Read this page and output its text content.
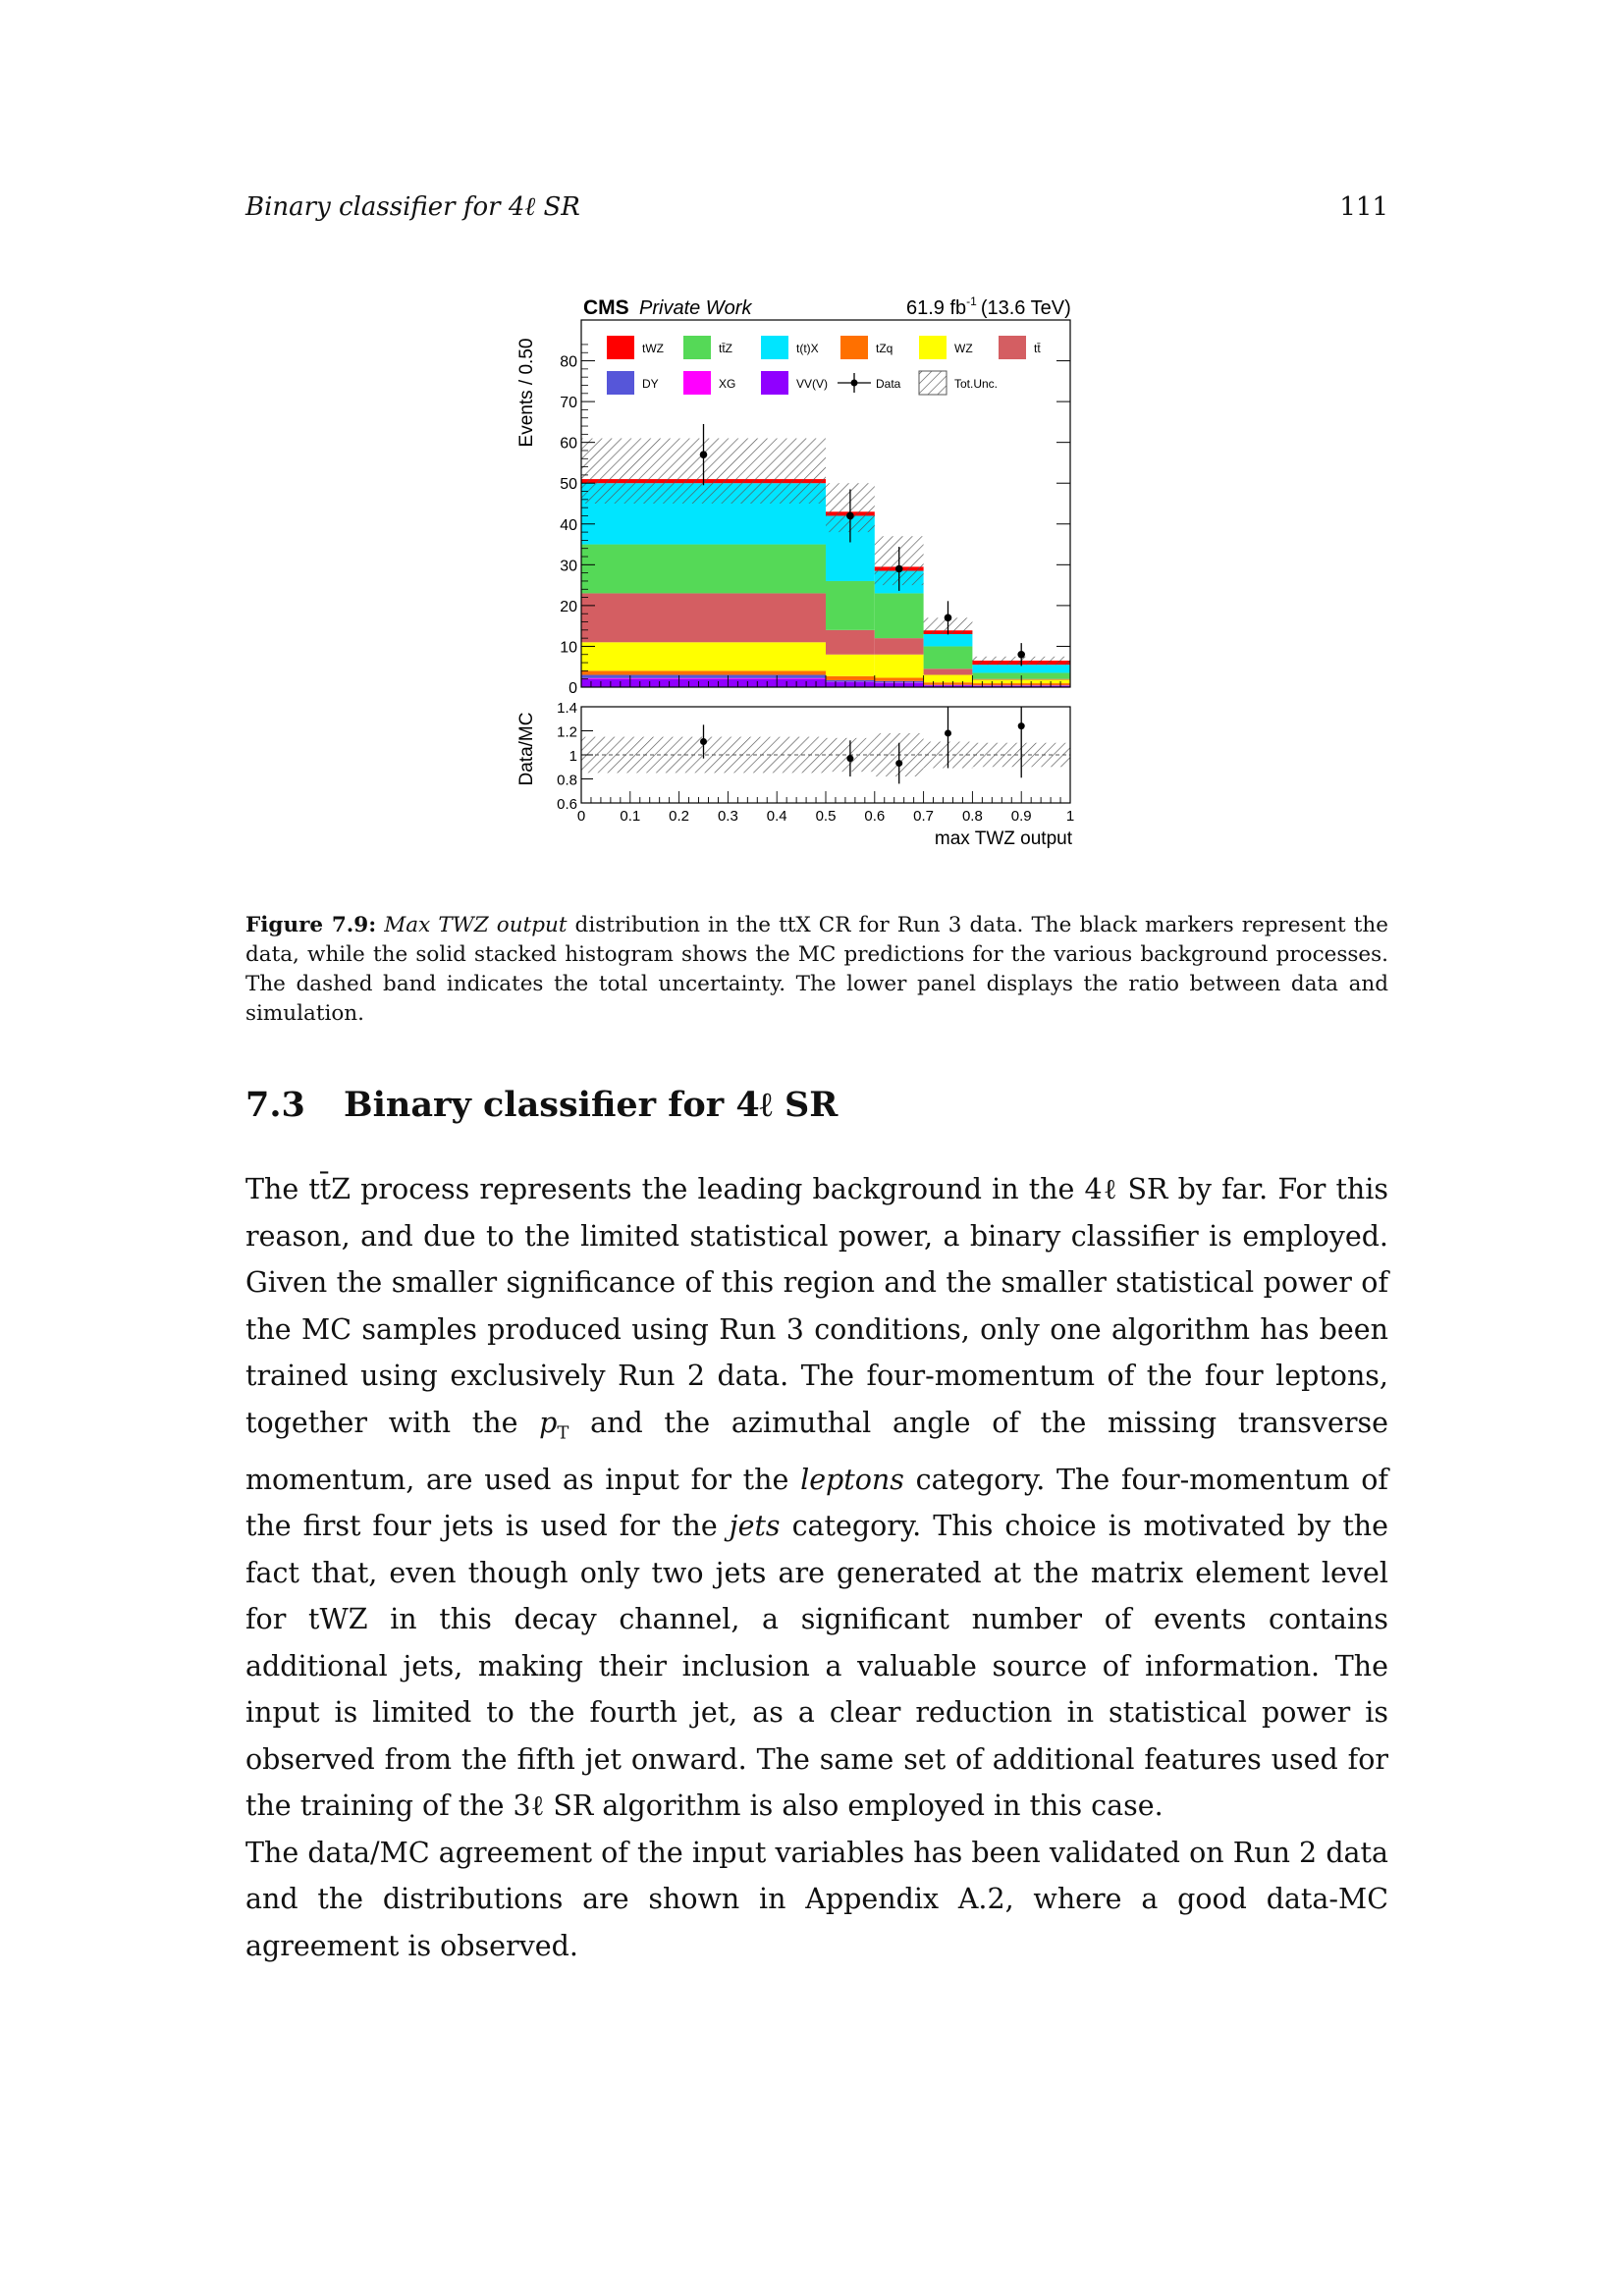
Binary classifier for 4ℓ SR	111
0
10
20
30
40
50
60
70
80
0.6
0.8
1
1.2
1.4
0 0.1 0.2 0.3 0.4 0.5 0.6 0.7 0.8 0.9 1
CMS Private Work	61.9 $fb^{-1}$ (13.6 TeV)
Events / 0.50
Data/MC
max TWZ output
tWZ	tt̄Z	t(t)X	tZq	WZ	tt̄
DY	XG	VV(V)	Data	Tot.Unc.
Figure 7.9: Max TWZ output distribution in the ttX CR for Run 3 data. The black markers represent the data, while the solid stacked histogram shows the MC predictions for the various background processes. The dashed band indicates the total uncertainty. The lower panel displays the ratio between data and simulation.
7.3 Binary classifier for 4ℓ SR

The tt̄Z process represents the leading background in the 4ℓ SR by far. For this reason, and due to the limited statistical power, a binary classifier is employed. Given the smaller significance of this region and the smaller statistical power of the MC samples produced using Run 3 conditions, only one algorithm has been trained using exclusively Run 2 data. The four-momentum of the four leptons, together with the $p_T$ and the azimuthal angle of the missing transverse momentum, are used as input for the leptons category. The four-momentum of the first four jets is used for the jets category. This choice is motivated by the fact that, even though only two jets are generated at the matrix element level for tWZ in this decay channel, a significant number of events contains additional jets, making their inclusion a valuable source of information. The input is limited to the fourth jet, as a clear reduction in statistical power is observed from the fifth jet onward. The same set of additional features used for the training of the 3ℓ SR algorithm is also employed in this case.

The data/MC agreement of the input variables has been validated on Run 2 data and the distributions are shown in Appendix A.2, where a good data-MC agreement is observed.
